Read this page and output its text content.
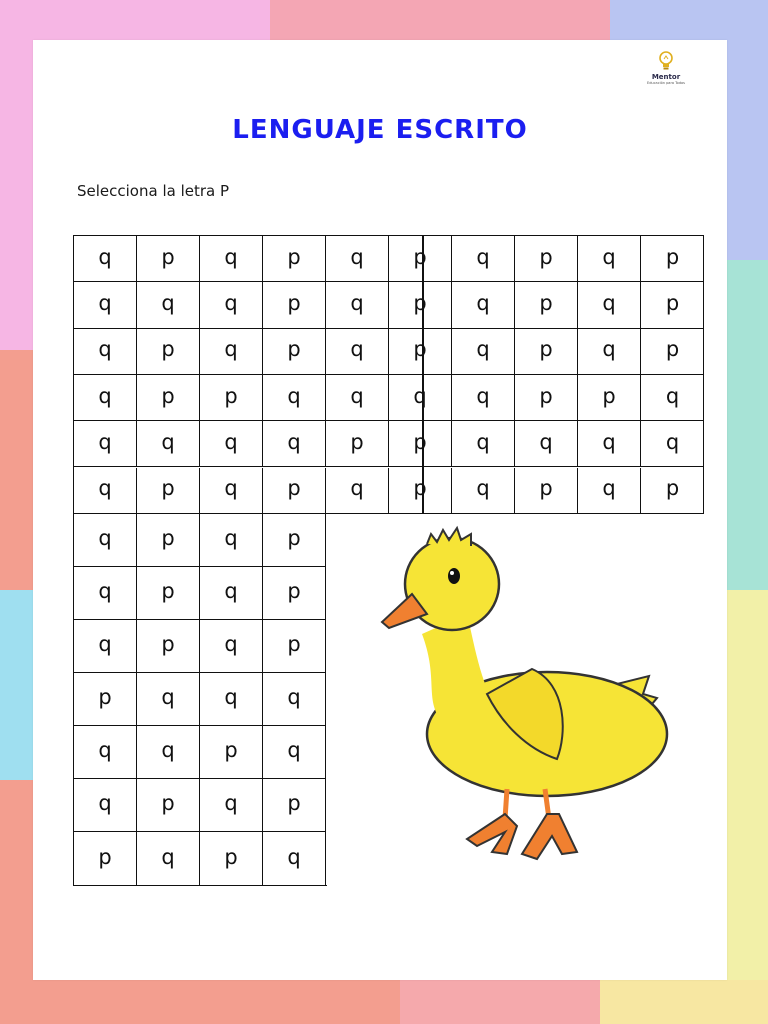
Mentor
Educación para Todos
LENGUAJE ESCRITO
Selecciona la letra P
q	p	q	p	q	p	q	p	q	p
q	q	q	p	q	p	q	p	q	p
q	p	q	p	q	p	q	p	q	p
q	p	p	q	q	q	q	p	p	q
q	q	q	q	p	p	q	q	q	q
q	p	q	p	q	p	q	p	q	p
q	p	q	p
q	p	q	p
q	p	q	p
p	q	q	q
q	q	p	q
q	p	q	p
p	q	p	q
